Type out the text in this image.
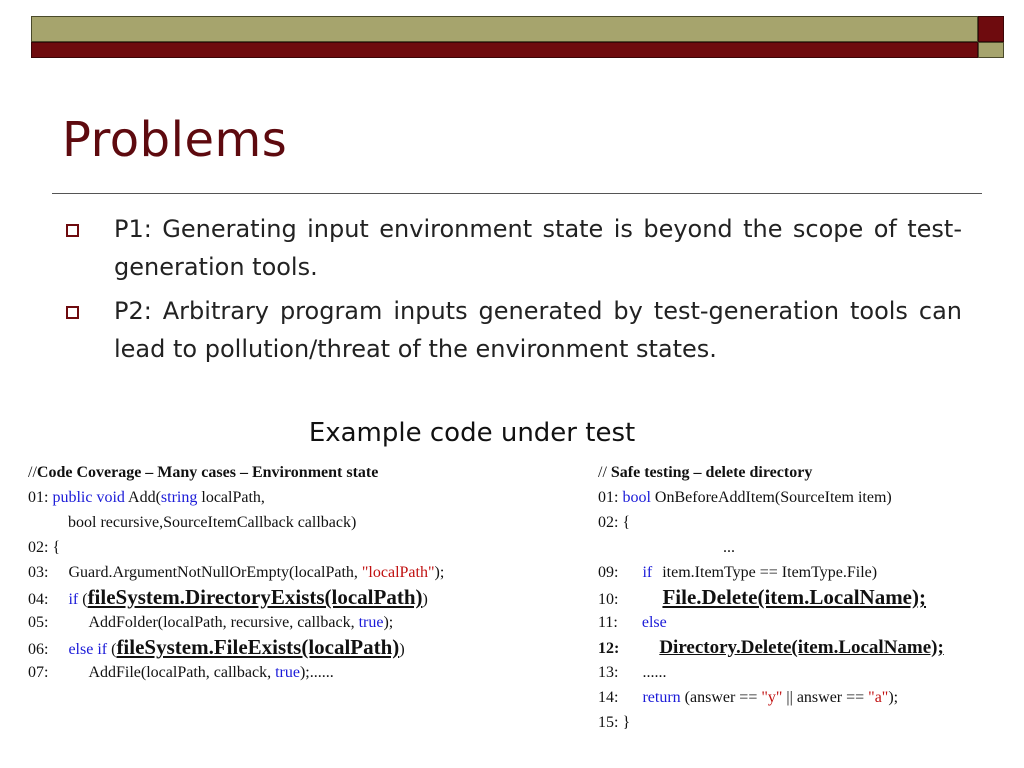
Problems
P1: Generating input environment state is beyond the scope of test-generation tools.
P2: Arbitrary program inputs generated by test-generation tools can lead to pollution/threat of the environment states.
Example code under test
//Code Coverage – Many cases – Environment state
01: public void Add(string localPath,
bool recursive,SourceItemCallback callback)
02: {
03: Guard.ArgumentNotNullOrEmpty(localPath, "localPath");
04: if (fileSystem.DirectoryExists(localPath))
05:	AddFolder(localPath, recursive, callback, true);
06: else if (fileSystem.FileExists(localPath))
07:	AddFile(localPath, callback, true);......
// Safe testing – delete directory
01: bool OnBeforeAddItem(SourceItem item)
02: {
...
09: if item.ItemType == ItemType.File)
10: File.Delete(item.LocalName);
11: else
12: Directory.Delete(item.LocalName);
13: ......
14: return (answer == "y" || answer == "a");
15: }
